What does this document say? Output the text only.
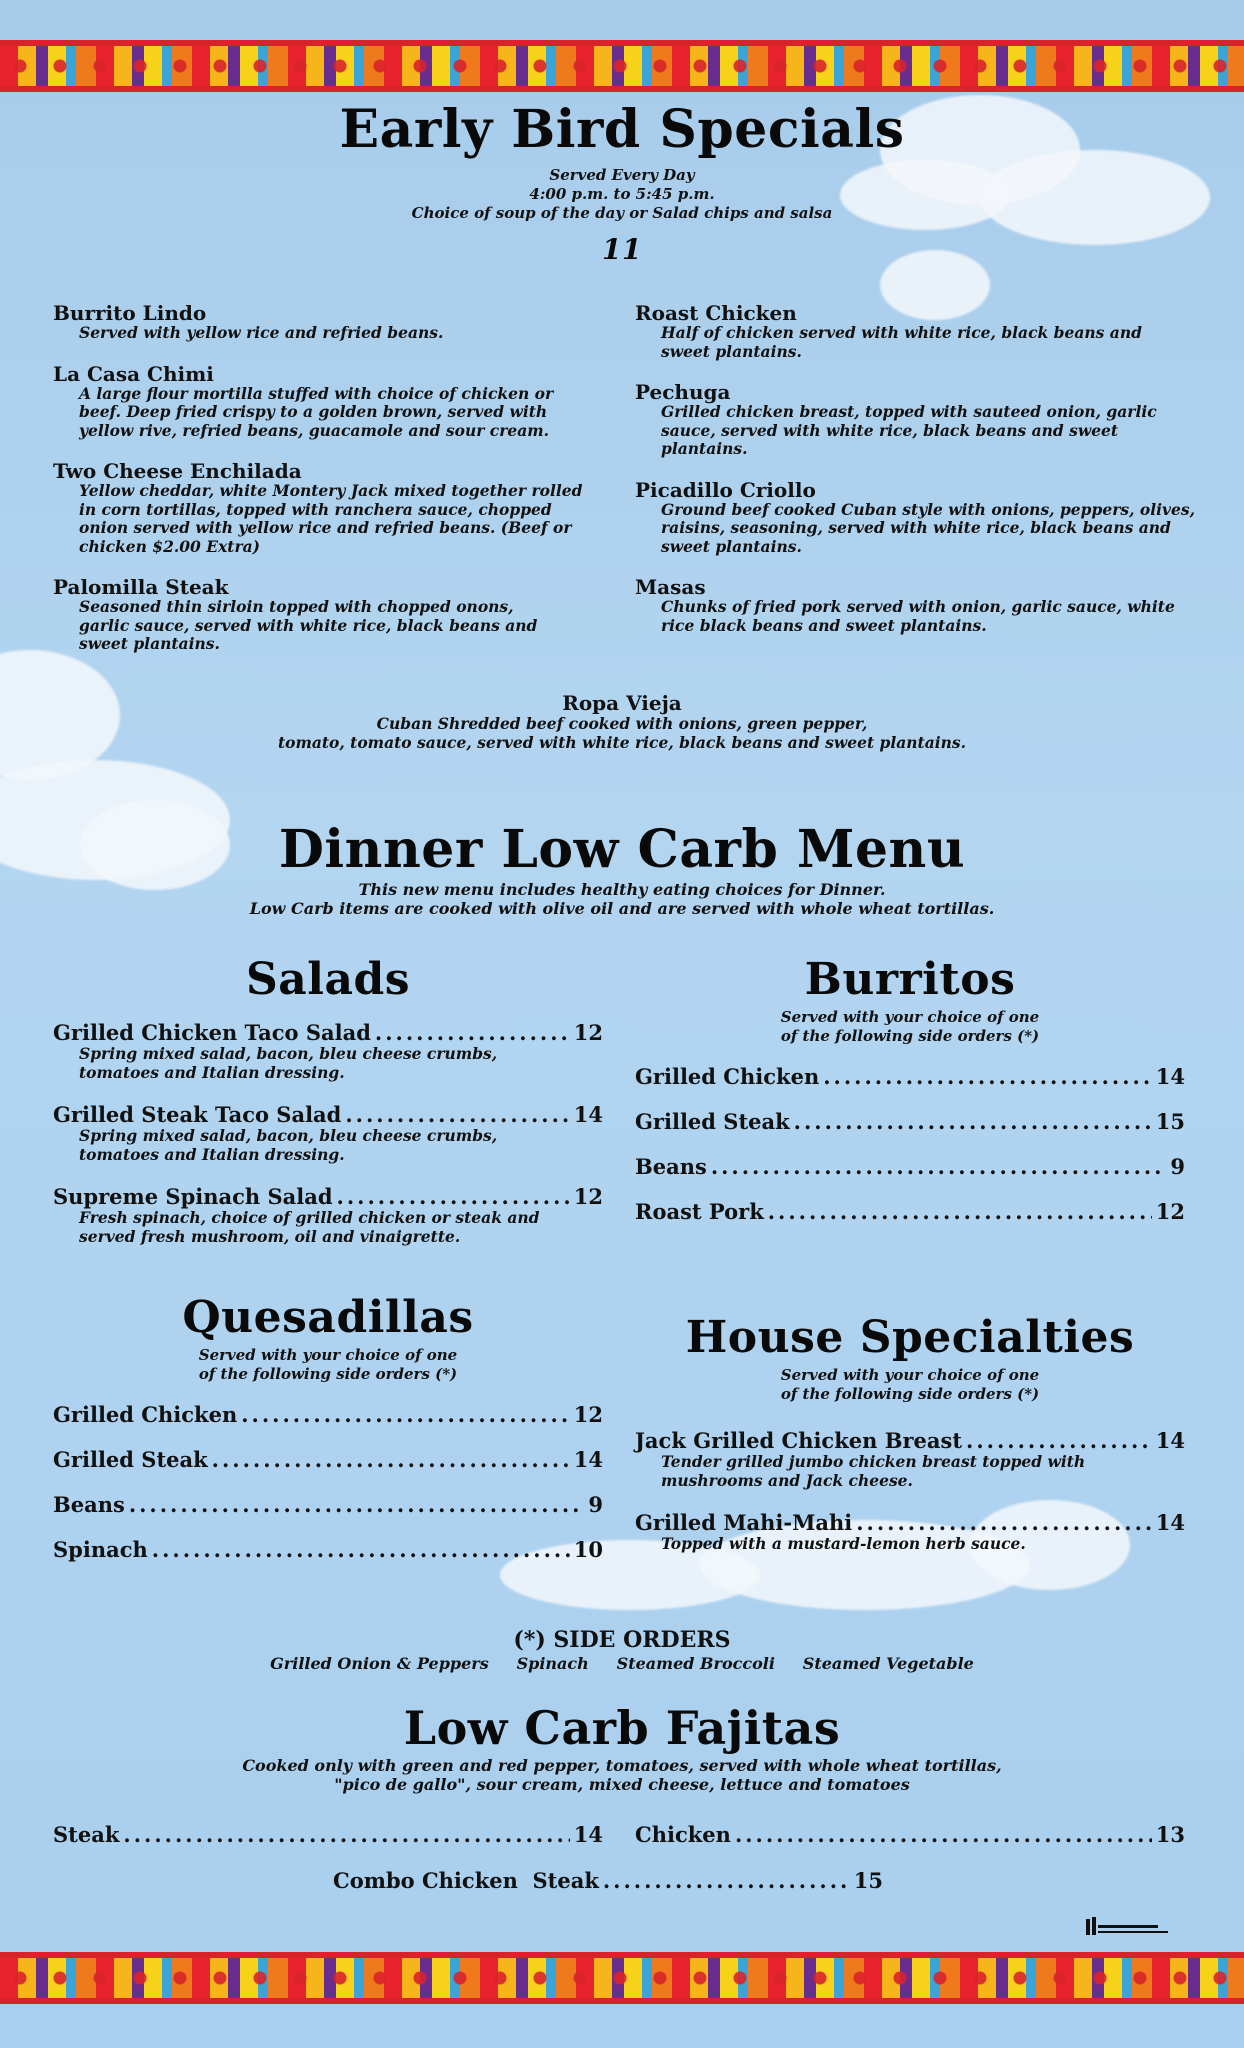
Early Bird Specials
Served Every Day
4:00 p.m. to 5:45 p.m.
Choice of soup of the day or Salad chips and salsa
11
Burrito Lindo
Served with yellow rice and refried beans.
La Casa Chimi
A large flour mortilla stuffed with choice of chicken or beef. Deep fried crispy to a golden brown, served with yellow rive, refried beans, guacamole and sour cream.
Two Cheese Enchilada
Yellow cheddar, white Montery Jack mixed together rolled in corn tortillas, topped with ranchera sauce, chopped onion served with yellow rice and refried beans. (Beef or chicken $2.00 Extra)
Palomilla Steak
Seasoned thin sirloin topped with chopped onons, garlic sauce, served with white rice, black beans and sweet plantains.
Roast Chicken
Half of chicken served with white rice, black beans and sweet plantains.
Pechuga
Grilled chicken breast, topped with sauteed onion, garlic sauce, served with white rice, black beans and sweet plantains.
Picadillo Criollo
Ground beef cooked Cuban style with onions, peppers, olives, raisins, seasoning, served with white rice, black beans and sweet plantains.
Masas
Chunks of fried pork served with onion, garlic sauce, white rice black beans and sweet plantains.
Ropa Vieja
Cuban Shredded beef cooked with onions, green pepper,
tomato, tomato sauce, served with white rice, black beans and sweet plantains.
Dinner Low Carb Menu
This new menu includes healthy eating choices for Dinner.
Low Carb items are cooked with olive oil and are served with whole wheat tortillas.
Salads
Grilled Chicken Taco Salad .....	12
Spring mixed salad, bacon, bleu cheese crumbs, tomatoes and Italian dressing.
Grilled Steak Taco Salad .....	14
Spring mixed salad, bacon, bleu cheese crumbs, tomatoes and Italian dressing.
Supreme Spinach Salad .....	12
Fresh spinach, choice of grilled chicken or steak and served fresh mushroom, oil and vinaigrette.
Burritos
Served with your choice of one
of the following side orders (*)
Grilled Chicken .....	14
Grilled Steak .....	15
Beans .....	9
Roast Pork .....	12
Quesadillas
Served with your choice of one
of the following side orders (*)
Grilled Chicken .....	12
Grilled Steak .....	14
Beans .....	9
Spinach .....	10
House Specialties
Served with your choice of one
of the following side orders (*)
Jack Grilled Chicken Breast .....	14
Tender grilled jumbo chicken breast topped with mushrooms and Jack cheese.
Grilled Mahi-Mahi .....	14
Topped with a mustard-lemon herb sauce.
(*) SIDE ORDERS
Grilled Onion & Peppers Spinach Steamed Broccoli Steamed Vegetable
Low Carb Fajitas
Cooked only with green and red pepper, tomatoes, served with whole wheat tortillas,
"pico de gallo", sour cream, mixed cheese, lettuce and tomatoes
Steak .....	14 Chicken .....	13
Combo Chicken  Steak .....	15
